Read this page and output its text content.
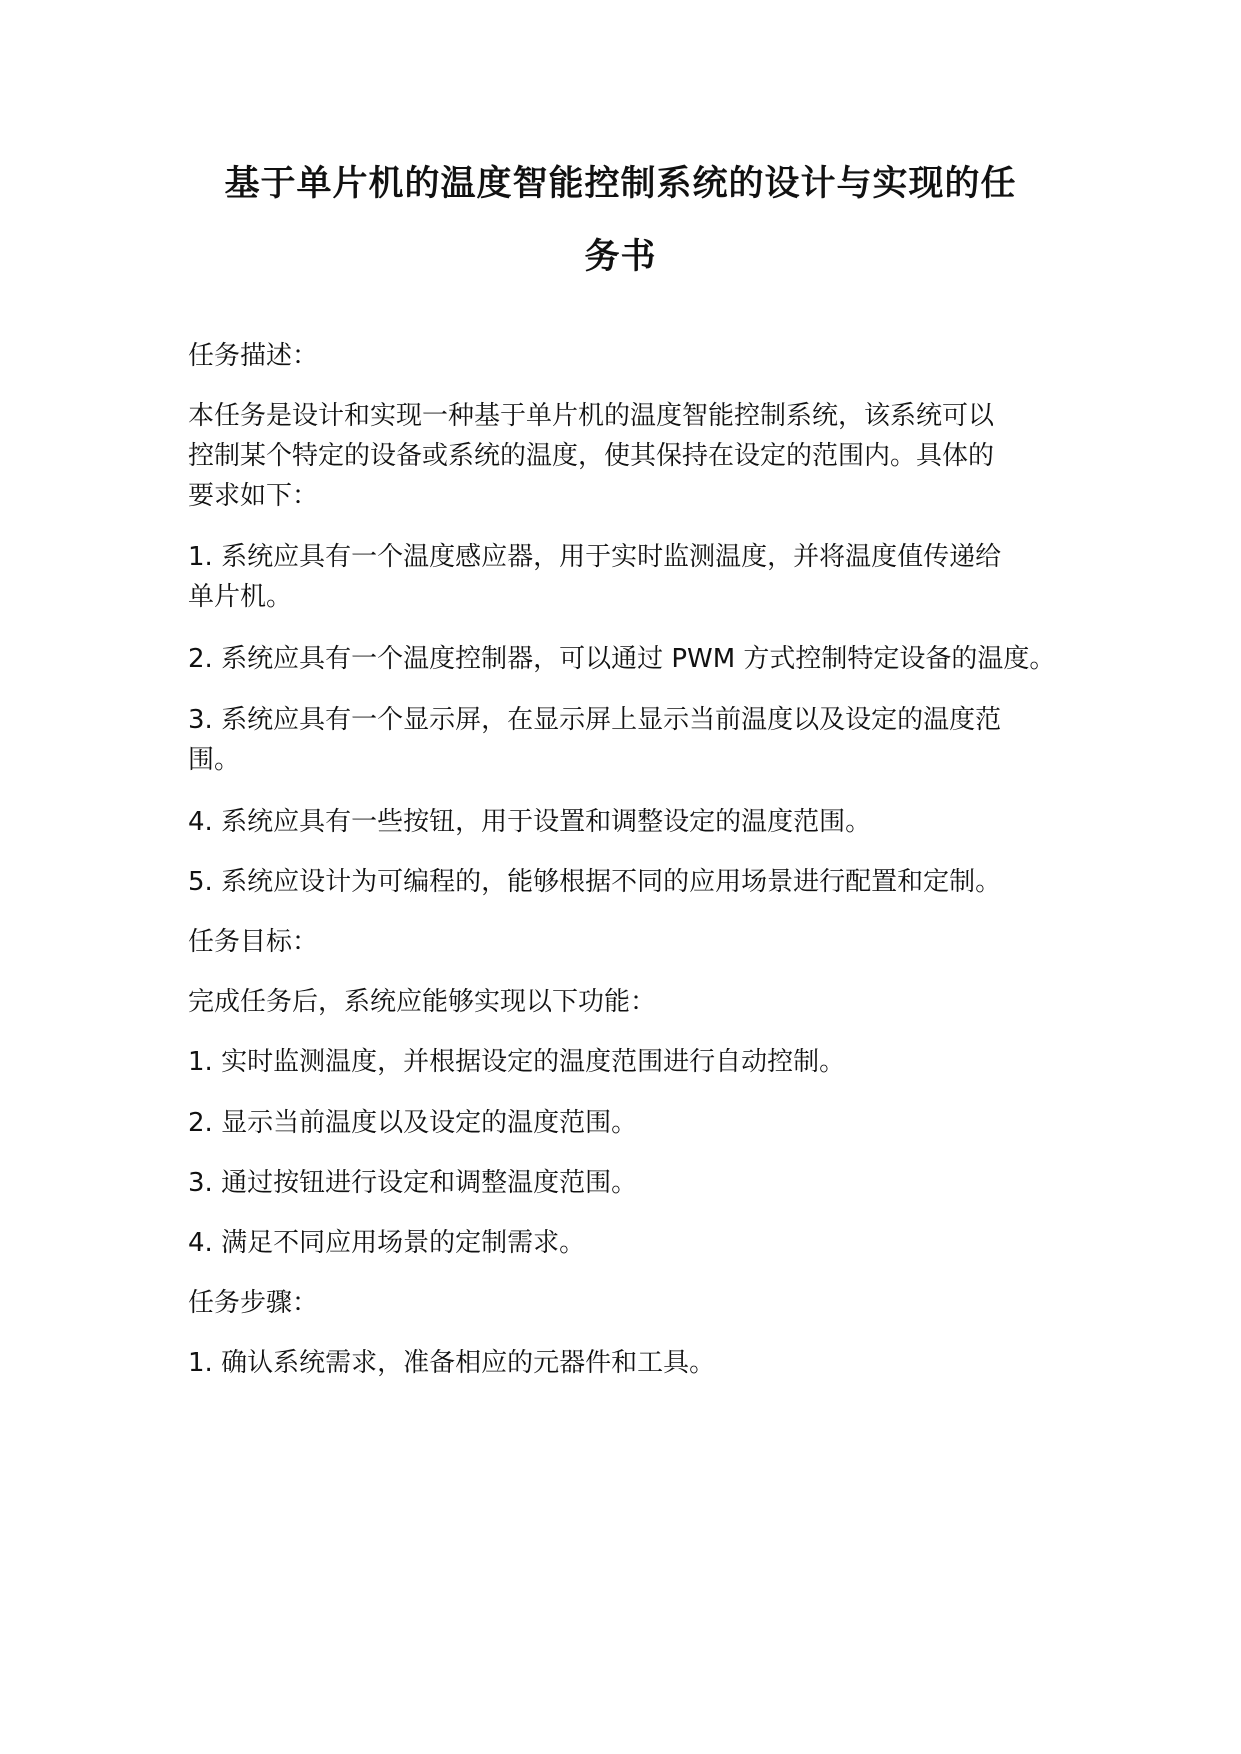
基于单片机的温度智能控制系统的设计与实现的任
务书
任务描述：
本任务是设计和实现一种基于单片机的温度智能控制系统，该系统可以
控制某个特定的设备或系统的温度，使其保持在设定的范围内。具体的
要求如下：
1. 系统应具有一个温度感应器，用于实时监测温度，并将温度值传递给
单片机。
2. 系统应具有一个温度控制器，可以通过 PWM 方式控制特定设备的温度。
3. 系统应具有一个显示屏，在显示屏上显示当前温度以及设定的温度范
围。
4. 系统应具有一些按钮，用于设置和调整设定的温度范围。
5. 系统应设计为可编程的，能够根据不同的应用场景进行配置和定制。
任务目标：
完成任务后，系统应能够实现以下功能：
1. 实时监测温度，并根据设定的温度范围进行自动控制。
2. 显示当前温度以及设定的温度范围。
3. 通过按钮进行设定和调整温度范围。
4. 满足不同应用场景的定制需求。
任务步骤：
1. 确认系统需求，准备相应的元器件和工具。
